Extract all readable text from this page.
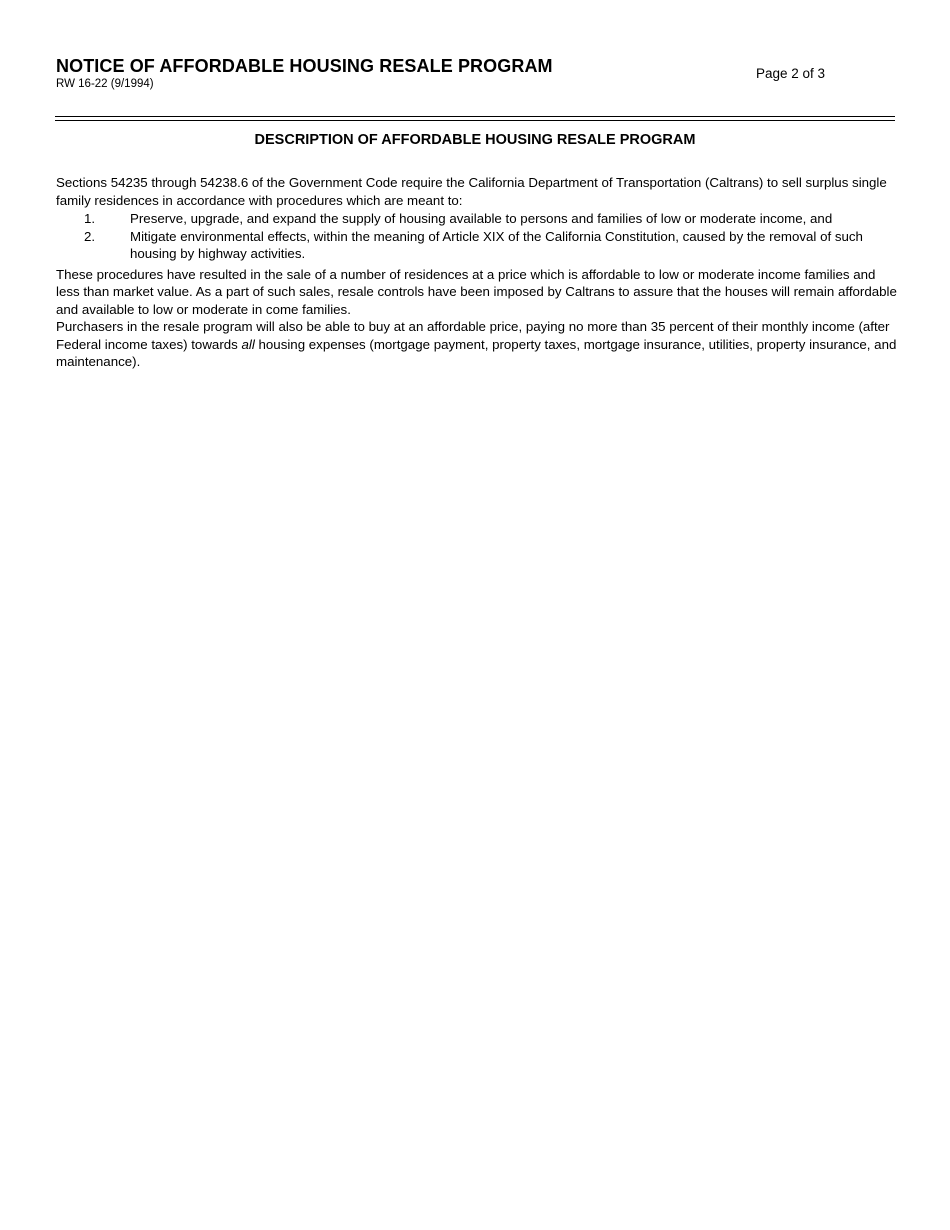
NOTICE OF AFFORDABLE HOUSING RESALE PROGRAM
RW 16-22 (9/1994)
Page 2 of 3
DESCRIPTION OF AFFORDABLE HOUSING RESALE PROGRAM

Sections 54235 through 54238.6 of the Government Code require the California Department of Transportation (Caltrans) to sell surplus single family residences in accordance with procedures which are meant to:

1.	Preserve, upgrade, and expand the supply of housing available to persons and families of low or moderate income, and
2.	Mitigate environmental effects, within the meaning of Article XIX of the California Constitution, caused by the removal of such housing by highway activities.

These procedures have resulted in the sale of a number of residences at a price which is affordable to low or moderate income families and less than market value. As a part of such sales, resale controls have been imposed by Caltrans to assure that the houses will remain affordable and available to low or moderate in come families.

Purchasers in the resale program will also be able to buy at an affordable price, paying no more than 35 percent of their monthly income (after Federal income taxes) towards all housing expenses (mortgage payment, property taxes, mortgage insurance, utilities, property insurance, and maintenance).
